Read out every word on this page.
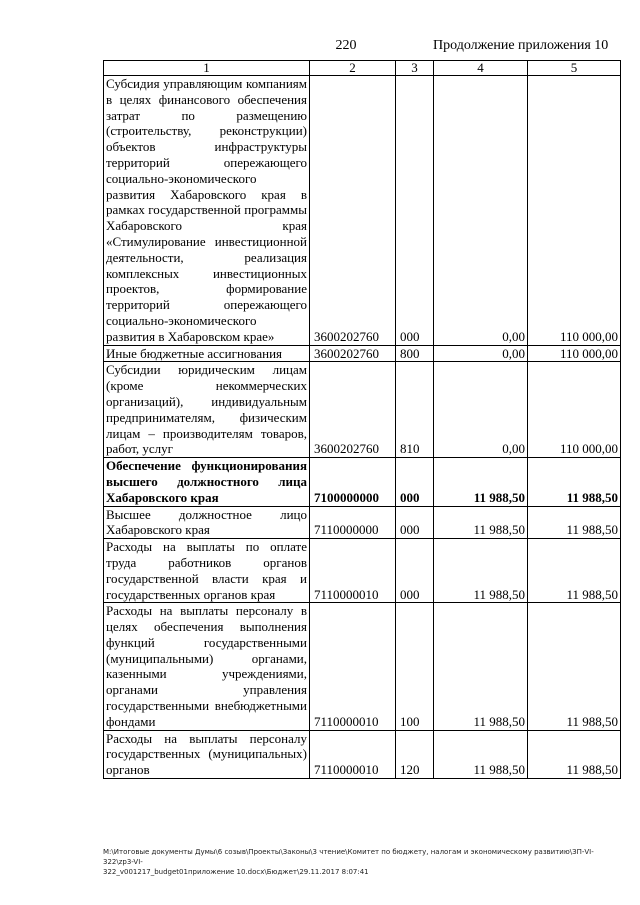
220	Продолжение приложения 10
1	2	3	4	5
Субсидия управляющим компаниям в целях финансового обеспечения затрат по размещению (строительству, реконструкции) объектов инфраструктуры территорий опережающего социально-экономического развития Хабаровского края в рамках государственной программы Хабаровского края «Стимулирование инвестиционной деятельности, реализация комплексных инвестиционных проектов, формирование территорий опережающего социально-экономического развития в Хабаровском крае»	3600202760	000	0,00	110 000,00
Иные бюджетные ассигнования	3600202760	800	0,00	110 000,00
Субсидии юридическим лицам (кроме некоммерческих организаций), индивидуальным предпринимателям, физическим лицам – производителям товаров, работ, услуг	3600202760	810	0,00	110 000,00
Обеспечение функционирования высшего должностного лица Хабаровского края	7100000000	000	11 988,50	11 988,50
Высшее должностное лицо Хабаровского края	7110000000	000	11 988,50	11 988,50
Расходы на выплаты по оплате труда работников органов государственной власти края и государственных органов края	7110000010	000	11 988,50	11 988,50
Расходы на выплаты персоналу в целях обеспечения выполнения функций государственными (муниципальными) органами, казенными учреждениями, органами управления государственными внебюджетными фондами	7110000010	100	11 988,50	11 988,50
Расходы на выплаты персоналу государственных (муниципальных) органов	7110000010	120	11 988,50	11 988,50
M:\Итоговые документы Думы\6 созыв\Проекты\Законы\3 чтение\Комитет по бюджету, налогам и экономическому развитию\ЗП-VI-322\zp3-VI-
322_v001217_budget01приложение 10.docx\Бюджет\29.11.2017 8:07:41
